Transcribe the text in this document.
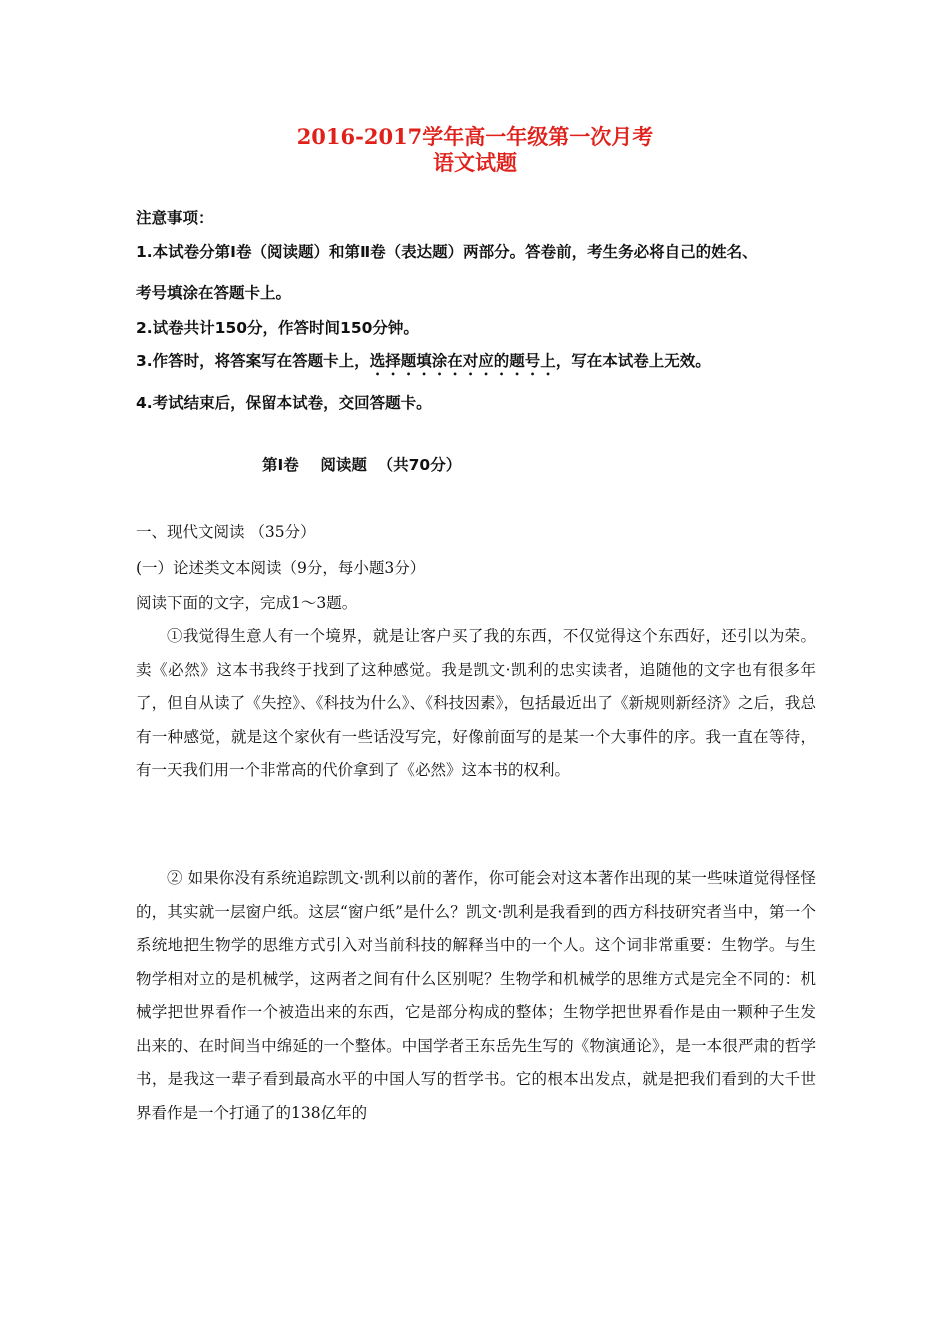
2016-2017学年高一年级第一次月考
语文试题
注意事项：
1.本试卷分第Ⅰ卷（阅读题）和第Ⅱ卷（表达题）两部分。答卷前，考生务必将自己的姓名、
考号填涂在答题卡上。
2.试卷共计150分，作答时间150分钟。
3.作答时，将答案写在答题卡上，选择题填涂在对应的题号上，写在本试卷上无效。
4.考试结束后，保留本试卷，交回答题卡。
第Ⅰ卷    阅读题  （共70分）
一、现代文阅读 （35分）
(一）论述类文本阅读（9分，每小题3分）
阅读下面的文字，完成1～3题。
①我觉得生意人有一个境界，就是让客户买了我的东西，不仅觉得这个东西好，还引以为荣。卖《必然》这本书我终于找到了这种感觉。我是凯文·凯利的忠实读者，追随他的文字也有很多年了，但自从读了《失控》、《科技为什么》、《科技因素》，包括最近出了《新规则新经济》之后，我总有一种感觉，就是这个家伙有一些话没写完，好像前面写的是某一个大事件的序。我一直在等待，有一天我们用一个非常高的代价拿到了《必然》这本书的权利。
② 如果你没有系统追踪凯文·凯利以前的著作，你可能会对这本著作出现的某一些味道觉得怪怪的，其实就一层窗户纸。这层“窗户纸”是什么？凯文·凯利是我看到的西方科技研究者当中，第一个系统地把生物学的思维方式引入对当前科技的解释当中的一个人。这个词非常重要：生物学。与生物学相对立的是机械学，这两者之间有什么区别呢？生物学和机械学的思维方式是完全不同的：机械学把世界看作一个被造出来的东西，它是部分构成的整体；生物学把世界看作是由一颗种子生发出来的、在时间当中绵延的一个整体。中国学者王东岳先生写的《物演通论》，是一本很严肃的哲学书，是我这一辈子看到最高水平的中国人写的哲学书。它的根本出发点，就是把我们看到的大千世界看作是一个打通了的138亿年的
